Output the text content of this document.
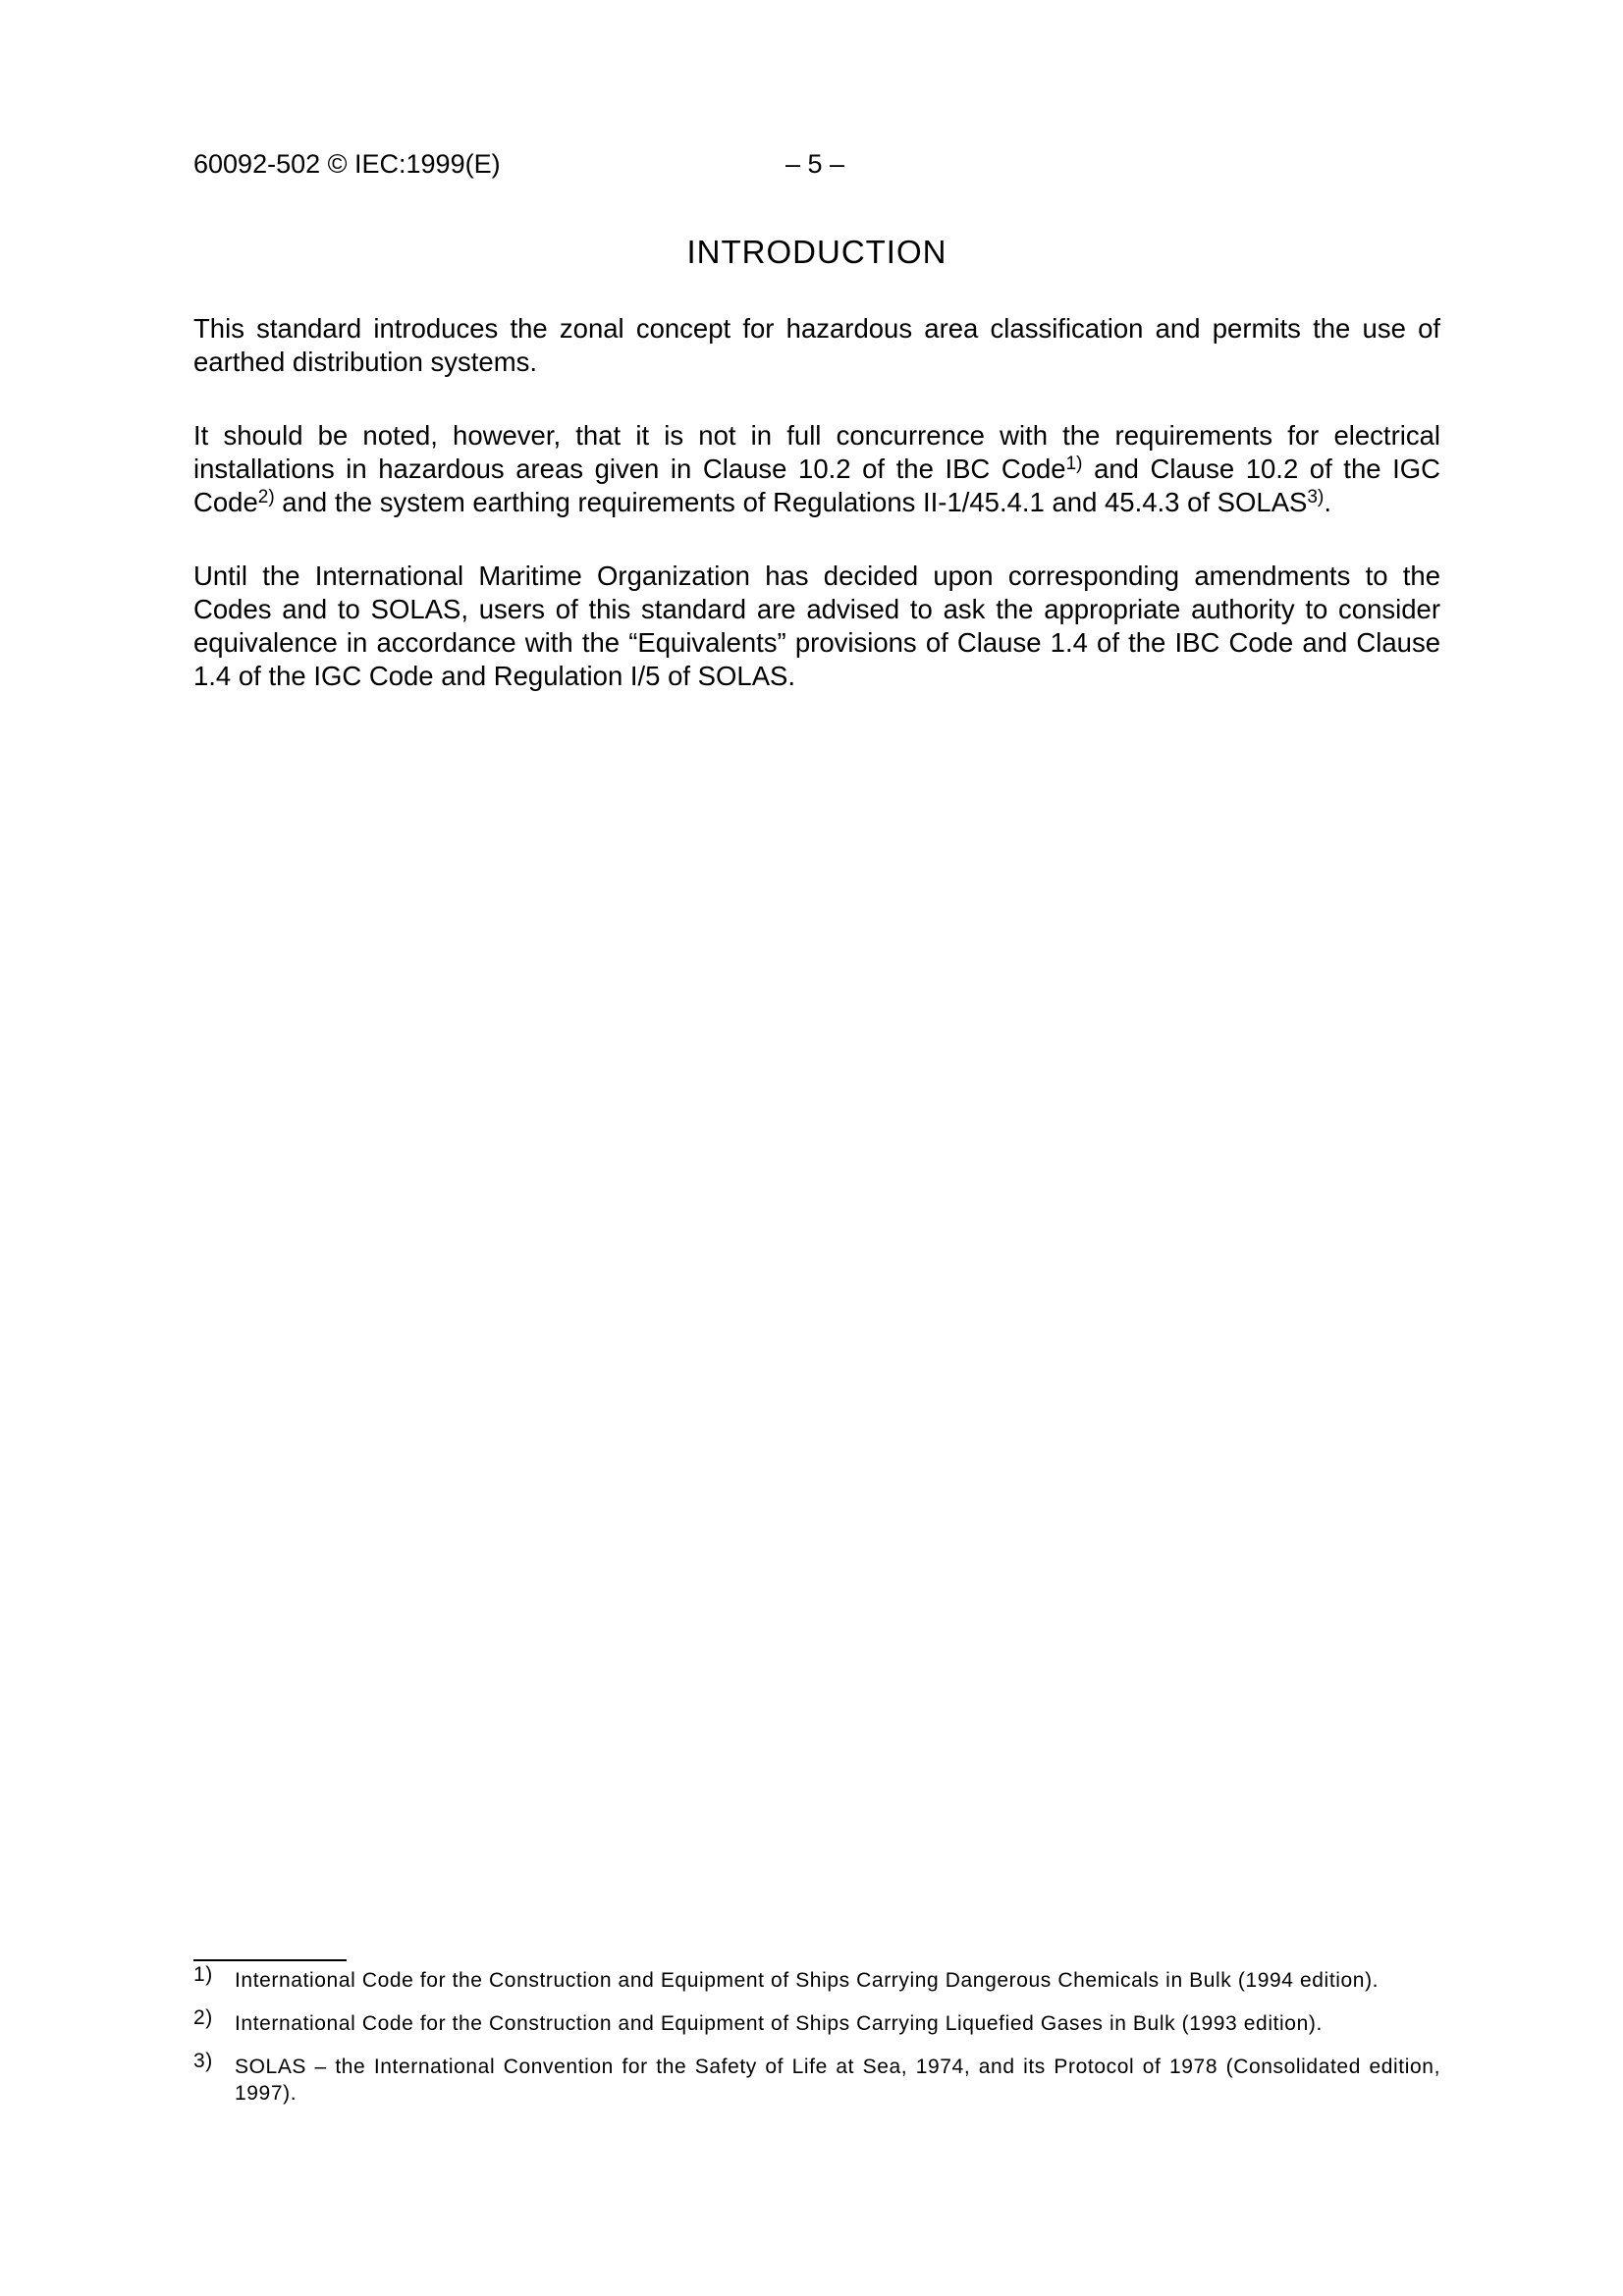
60092-502 © IEC:1999(E)	– 5 –
INTRODUCTION

This standard introduces the zonal concept for hazardous area classification and permits the use of earthed distribution systems.

It should be noted, however, that it is not in full concurrence with the requirements for electrical installations in hazardous areas given in Clause 10.2 of the IBC Code$^{1)}$ and Clause 10.2 of the IGC Code$^{2)}$ and the system earthing requirements of Regulations II-1/45.4.1 and 45.4.3 of SOLAS$^{3)}$.

Until the International Maritime Organization has decided upon corresponding amendments to the Codes and to SOLAS, users of this standard are advised to ask the appropriate authority to consider equivalence in accordance with the “Equivalents” provisions of Clause 1.4 of the IBC Code and Clause 1.4 of the IGC Code and Regulation I/5 of SOLAS.

1) International Code for the Construction and Equipment of Ships Carrying Dangerous Chemicals in Bulk (1994 edition).
2) International Code for the Construction and Equipment of Ships Carrying Liquefied Gases in Bulk (1993 edition).
3) SOLAS – the International Convention for the Safety of Life at Sea, 1974, and its Protocol of 1978 (Consolidated edition, 1997).
